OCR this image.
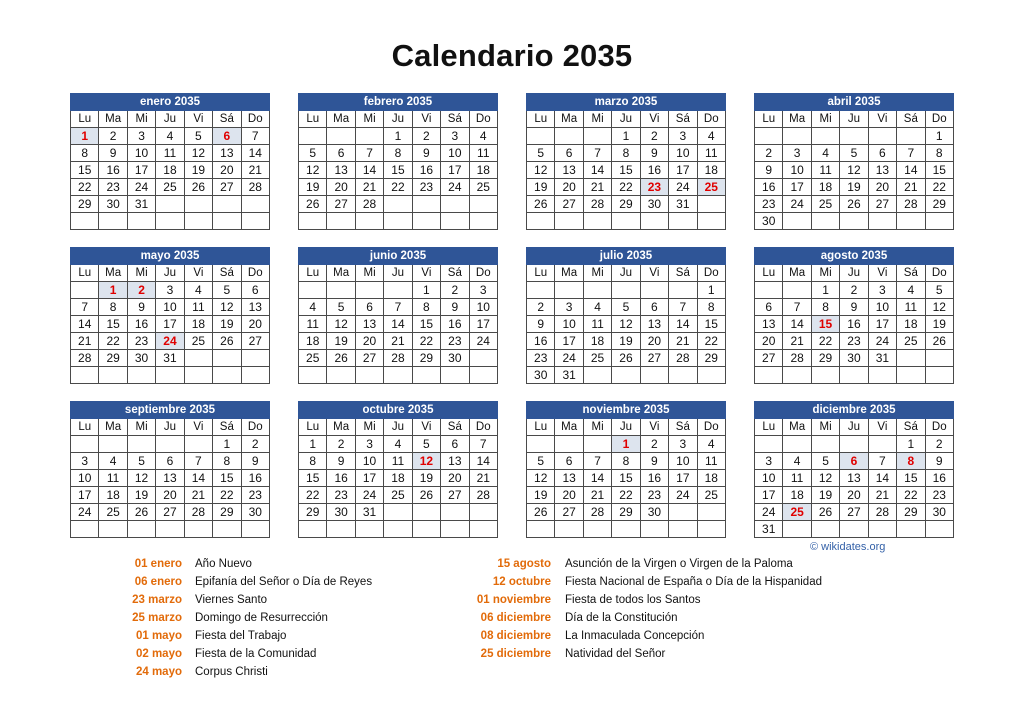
Calendario 2035
enero 2035						
Lu	Ma	Mi	Ju	Vi	Sá	Do
1	2	3	4	5	6	7
8	9	10	11	12	13	14
15	16	17	18	19	20	21
22	23	24	25	26	27	28
29	30	31				

febrero 2035						
Lu	Ma	Mi	Ju	Vi	Sá	Do
			1	2	3	4
5	6	7	8	9	10	11
12	13	14	15	16	17	18
19	20	21	22	23	24	25
26	27	28				

marzo 2035						
Lu	Ma	Mi	Ju	Vi	Sá	Do
			1	2	3	4
5	6	7	8	9	10	11
12	13	14	15	16	17	18
19	20	21	22	23	24	25
26	27	28	29	30	31	

abril 2035						
Lu	Ma	Mi	Ju	Vi	Sá	Do
						1
2	3	4	5	6	7	8
9	10	11	12	13	14	15
16	17	18	19	20	21	22
23	24	25	26	27	28	29
30						
mayo 2035						
Lu	Ma	Mi	Ju	Vi	Sá	Do
	1	2	3	4	5	6
7	8	9	10	11	12	13
14	15	16	17	18	19	20
21	22	23	24	25	26	27
28	29	30	31			

junio 2035						
Lu	Ma	Mi	Ju	Vi	Sá	Do
				1	2	3
4	5	6	7	8	9	10
11	12	13	14	15	16	17
18	19	20	21	22	23	24
25	26	27	28	29	30	

julio 2035						
Lu	Ma	Mi	Ju	Vi	Sá	Do
						1
2	3	4	5	6	7	8
9	10	11	12	13	14	15
16	17	18	19	20	21	22
23	24	25	26	27	28	29
30	31					
agosto 2035						
Lu	Ma	Mi	Ju	Vi	Sá	Do
		1	2	3	4	5
6	7	8	9	10	11	12
13	14	15	16	17	18	19
20	21	22	23	24	25	26
27	28	29	30	31		

septiembre 2035						
Lu	Ma	Mi	Ju	Vi	Sá	Do
					1	2
3	4	5	6	7	8	9
10	11	12	13	14	15	16
17	18	19	20	21	22	23
24	25	26	27	28	29	30

octubre 2035						
Lu	Ma	Mi	Ju	Vi	Sá	Do
1	2	3	4	5	6	7
8	9	10	11	12	13	14
15	16	17	18	19	20	21
22	23	24	25	26	27	28
29	30	31				

noviembre 2035						
Lu	Ma	Mi	Ju	Vi	Sá	Do
			1	2	3	4
5	6	7	8	9	10	11
12	13	14	15	16	17	18
19	20	21	22	23	24	25
26	27	28	29	30		

diciembre 2035						
Lu	Ma	Mi	Ju	Vi	Sá	Do
					1	2
3	4	5	6	7	8	9
10	11	12	13	14	15	16
17	18	19	20	21	22	23
24	25	26	27	28	29	30
31						
© wikidates.org
01 enero Año Nuevo
06 enero Epifanía del Señor o Día de Reyes
23 marzo Viernes Santo
25 marzo Domingo de Resurrección
01 mayo Fiesta del Trabajo
02 mayo Fiesta de la Comunidad
24 mayo Corpus Christi
15 agosto Asunción de la Virgen o Virgen de la Paloma
12 octubre Fiesta Nacional de España o Día de la Hispanidad
01 noviembre Fiesta de todos los Santos
06 diciembre Día de la Constitución
08 diciembre La Inmaculada Concepción
25 diciembre Natividad del Señor
